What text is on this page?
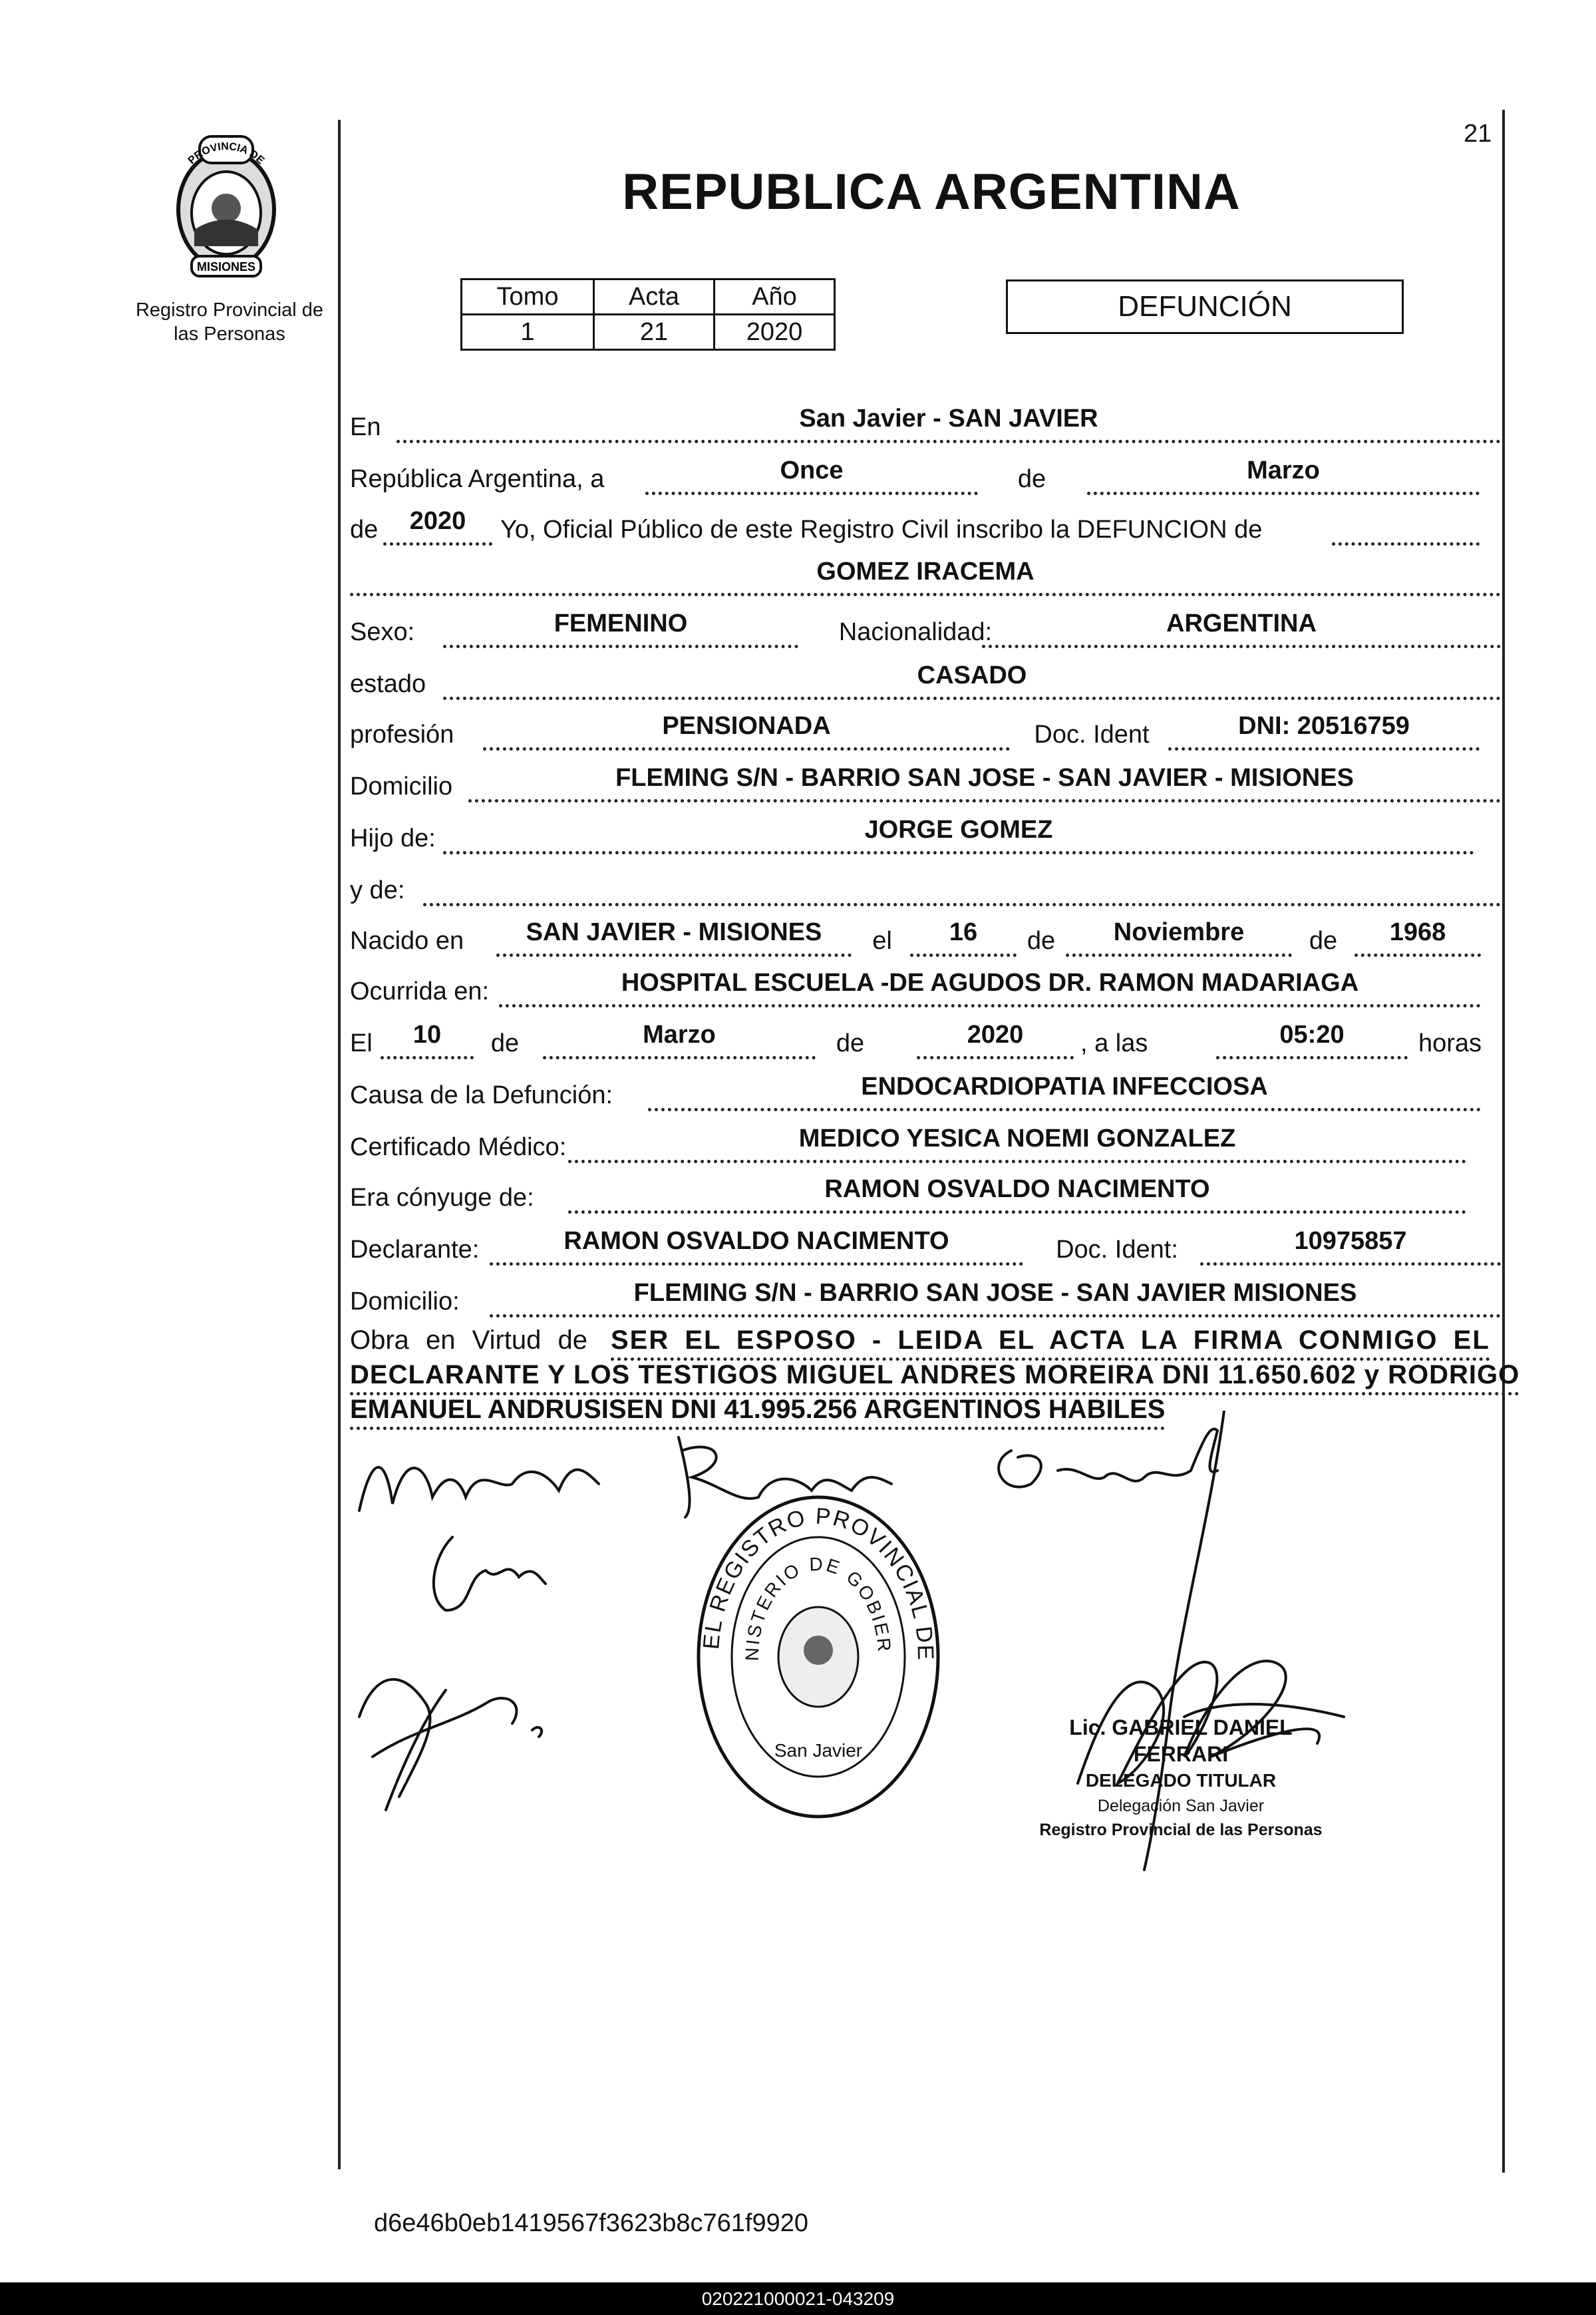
21
PROVINCIA DE
MISIONES
Registro Provincial de
las Personas
REPUBLICA ARGENTINA
Tomo	Acta	Año
1	21	2020
DEFUNCIÓN
En	San Javier - SAN JAVIER
República Argentina, a	Once	de	Marzo
de	2020	Yo, Oficial Público de este Registro Civil inscribo la DEFUNCION de
GOMEZ IRACEMA
Sexo:	FEMENINO	Nacionalidad:	ARGENTINA
estado	CASADO
profesión	PENSIONADA	Doc. Ident	DNI: 20516759
Domicilio	FLEMING S/N - BARRIO SAN JOSE - SAN JAVIER - MISIONES
Hijo de:	JORGE GOMEZ
y de:
Nacido en	SAN JAVIER - MISIONES	el	16	de	Noviembre	de	1968
Ocurrida en:	HOSPITAL ESCUELA -DE AGUDOS DR. RAMON MADARIAGA
El	10	de	Marzo	de	2020	, a las	05:20	horas
Causa de la Defunción:	ENDOCARDIOPATIA INFECCIOSA
Certificado Médico:	MEDICO YESICA NOEMI GONZALEZ
Era cónyuge de:	RAMON OSVALDO NACIMENTO
Declarante:	RAMON OSVALDO NACIMENTO	Doc. Ident:	10975857
Domicilio:	FLEMING S/N - BARRIO SAN JOSE - SAN JAVIER MISIONES
Obra en Virtud de SER EL ESPOSO - LEIDA EL ACTA LA FIRMA CONMIGO EL
DECLARANTE Y LOS TESTIGOS MIGUEL ANDRES MOREIRA DNI 11.650.602 y RODRIGO
EMANUEL ANDRUSISEN DNI 41.995.256 ARGENTINOS HABILES
EL REGISTRO PROVINCIAL DE
NISTERIO DE GOBIER
San Javier
Lic. GABRIEL DANIEL FERRARI
DELEGADO TITULAR
Delegación San Javier
Registro Provincial de las Personas
d6e46b0eb1419567f3623b8c761f9920
020221000021-043209
